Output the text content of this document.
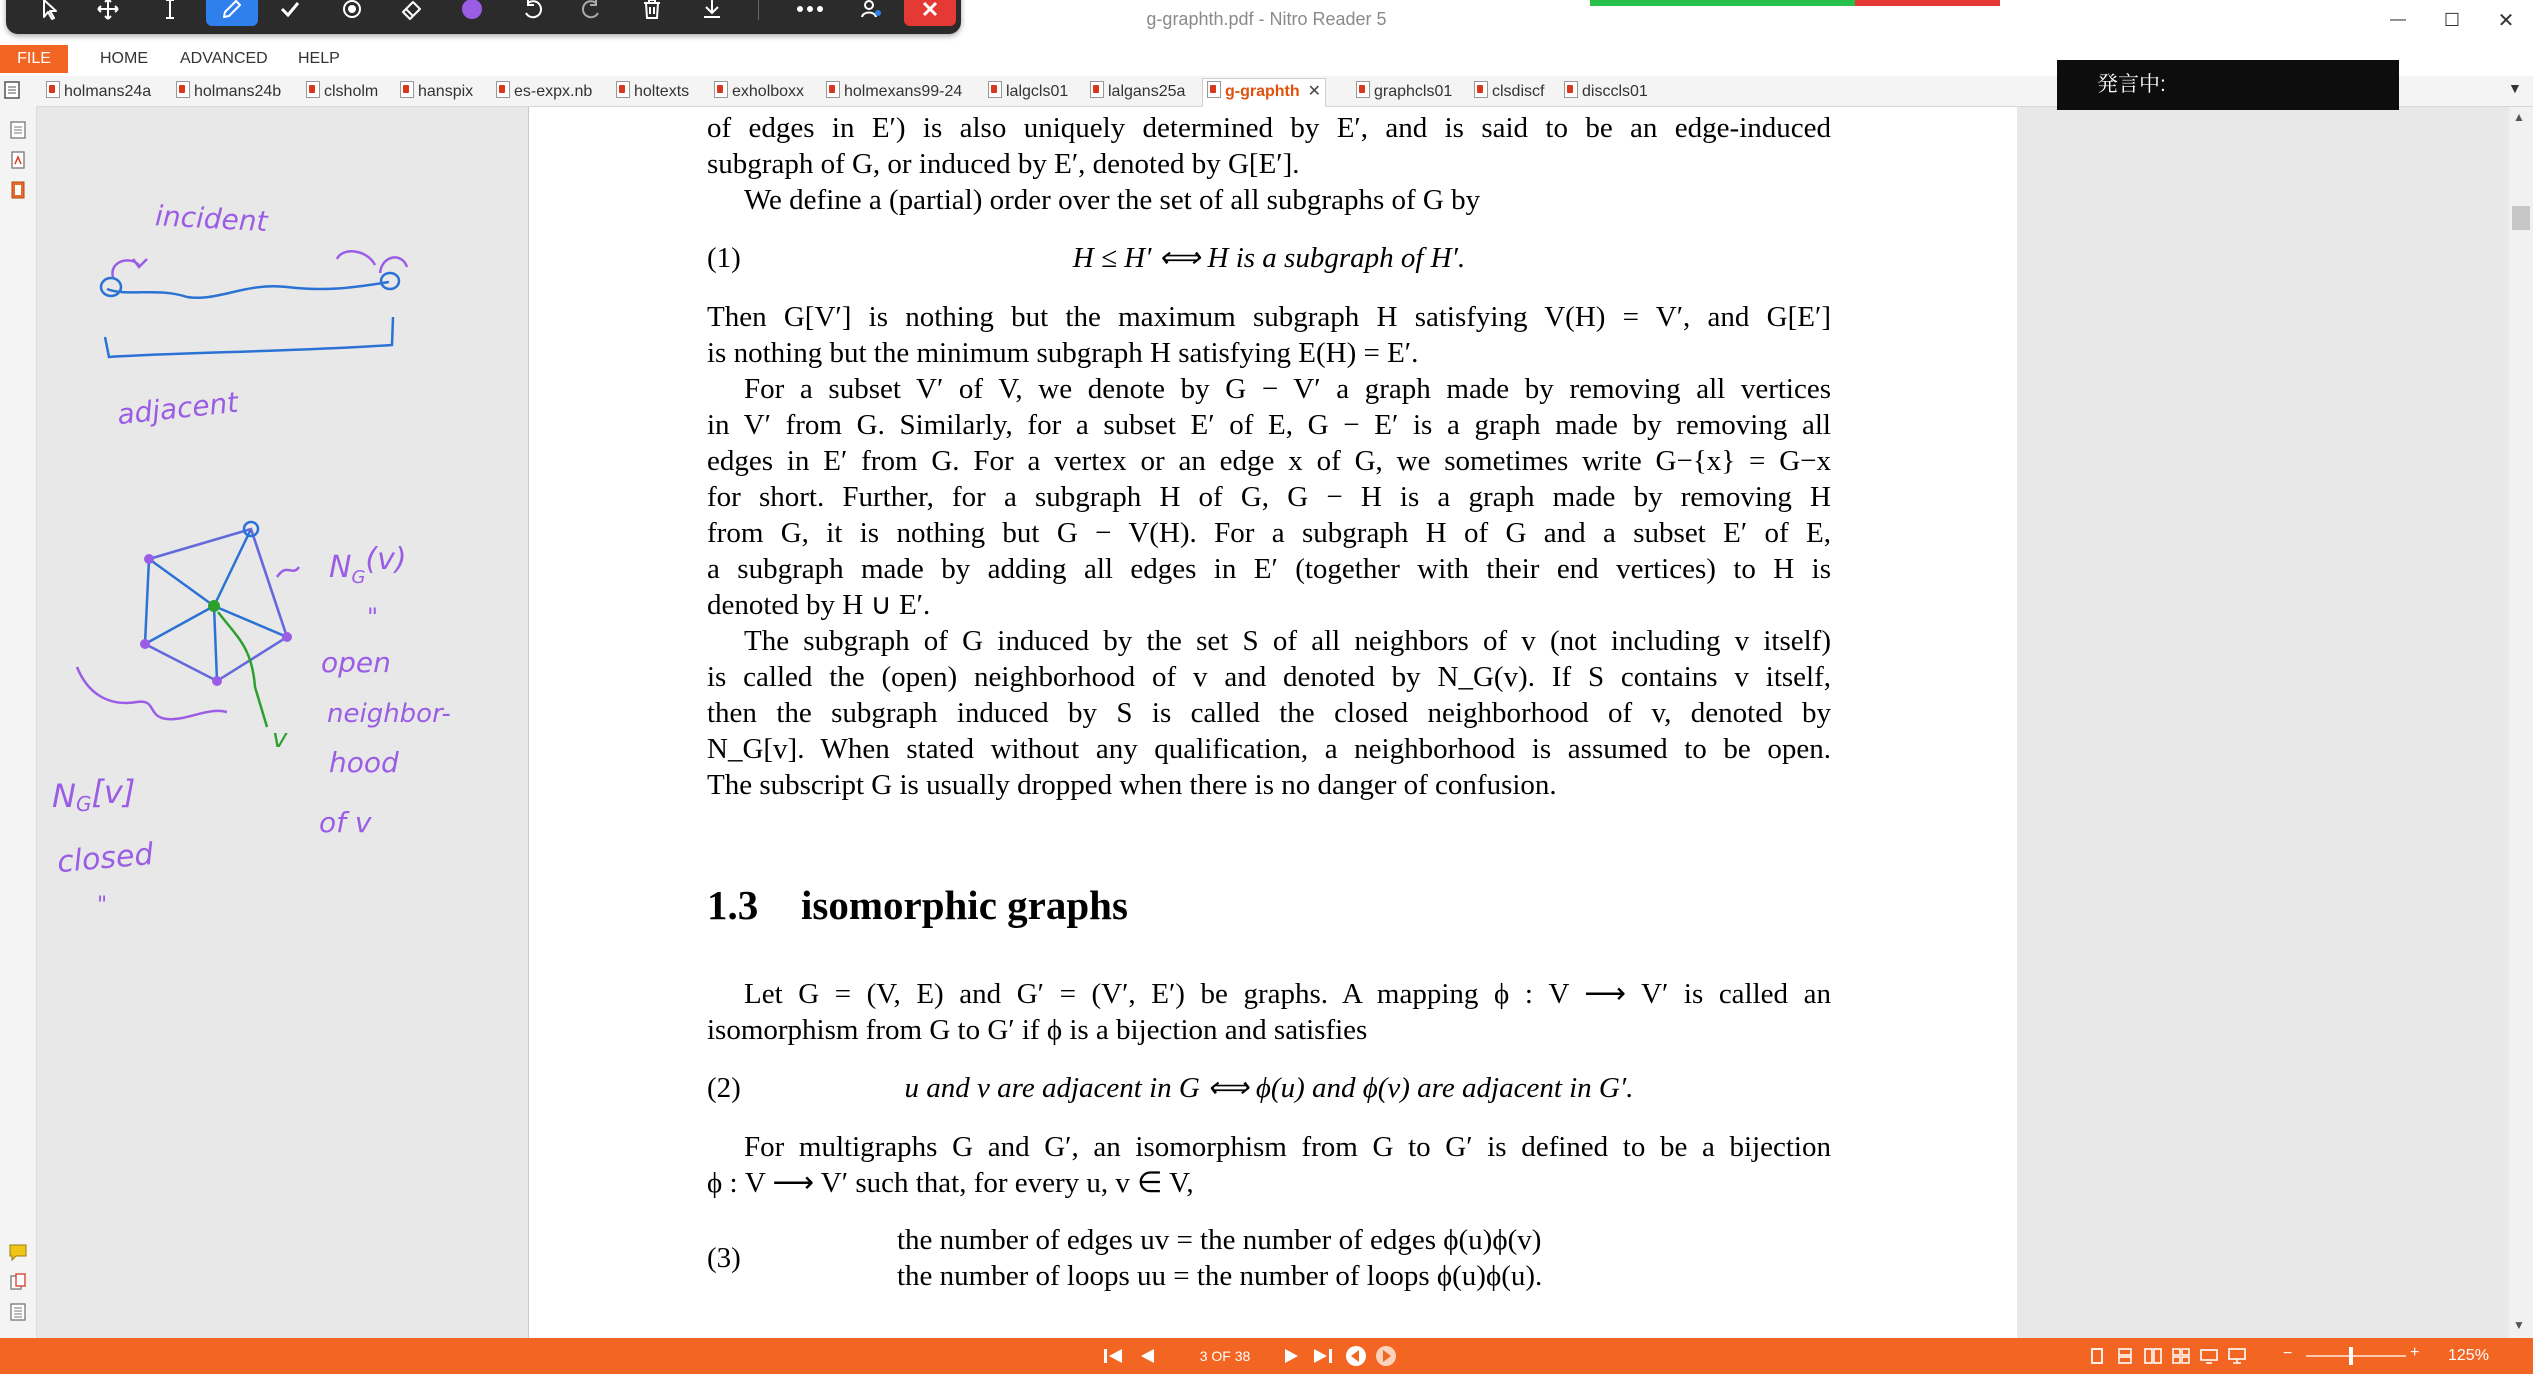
g-graphth.pdf - Nitro Reader 5	— ☐ ✕
FILE	HOME ADVANCED HELP
holmans24a	holmans24b	clsholm	hanspix	es-expx.nb	holtexts	exholboxx	holmexans99-24	lalgcls01	lalgans25a	g-graphth ✕	graphcls01	clsdiscf	disccls01	▼
発言中:
incident
adjacent
v
$N_G(v)$
"
open
neighbor-
hood
of v
NG[v]
closed
"
of edges in E′) is also uniquely determined by E′, and is said to be an edge-induced
subgraph of G, or induced by E′, denoted by G[E′].
We define a (partial) order over the set of all subgraphs of G by
(1)	H ≤ H′ ⟺ H is a subgraph of H′.
Then G[V′] is nothing but the maximum subgraph H satisfying V(H) = V′, and G[E′]
is nothing but the minimum subgraph H satisfying E(H) = E′.
For a subset V′ of V, we denote by G − V′ a graph made by removing all vertices
in V′ from G. Similarly, for a subset E′ of E, G − E′ is a graph made by removing all
edges in E′ from G. For a vertex or an edge x of G, we sometimes write G−{x} = G−x
for short. Further, for a subgraph H of G, G − H is a graph made by removing H
from G, it is nothing but G − V(H). For a subgraph H of G and a subset E′ of E,
a subgraph made by adding all edges in E′ (together with their end vertices) to H is
denoted by H ∪ E′.
The subgraph of G induced by the set S of all neighbors of v (not including v itself)
is called the (open) neighborhood of v and denoted by N_G(v). If S contains v itself,
then the subgraph induced by S is called the closed neighborhood of v, denoted by
N_G[v]. When stated without any qualification, a neighborhood is assumed to be open.
The subscript G is usually dropped when there is no danger of confusion.
1.3 isomorphic graphs
Let G = (V, E) and G′ = (V′, E′) be graphs. A mapping ϕ : V ⟶ V′ is called an
isomorphism from G to G′ if ϕ is a bijection and satisfies
(2)	u and v are adjacent in G ⟺ ϕ(u) and ϕ(v) are adjacent in G′.
For multigraphs G and G′, an isomorphism from G to G′ is defined to be a bijection
ϕ : V ⟶ V′ such that, for every u, v ∈ V,
(3)
the number of edges uv = the number of edges ϕ(u)ϕ(v)
the number of loops uu = the number of loops ϕ(u)ϕ(u).
▲
▼
3 OF 38	−	+ 125%
